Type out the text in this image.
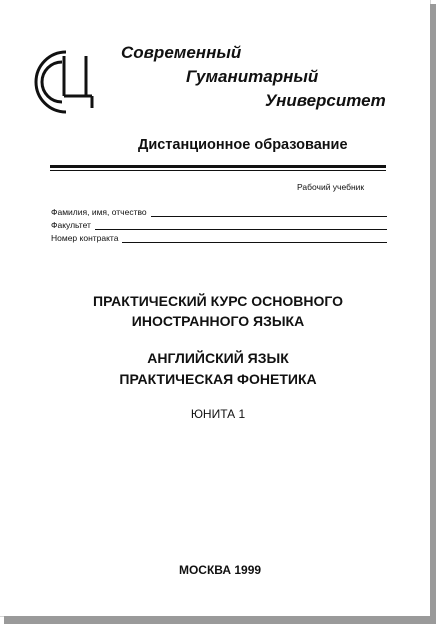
Современный
Гуманитарный
Университет
Дистанционное образование
Рабочий учебник
Фамилия, имя, отчество
Факультет
Номер контракта
ПРАКТИЧЕСКИЙ КУРС ОСНОВНОГО
ИНОСТРАННОГО ЯЗЫКА
АНГЛИЙСКИЙ ЯЗЫК
ПРАКТИЧЕСКАЯ ФОНЕТИКА
ЮНИТА 1
МОСКВА 1999
